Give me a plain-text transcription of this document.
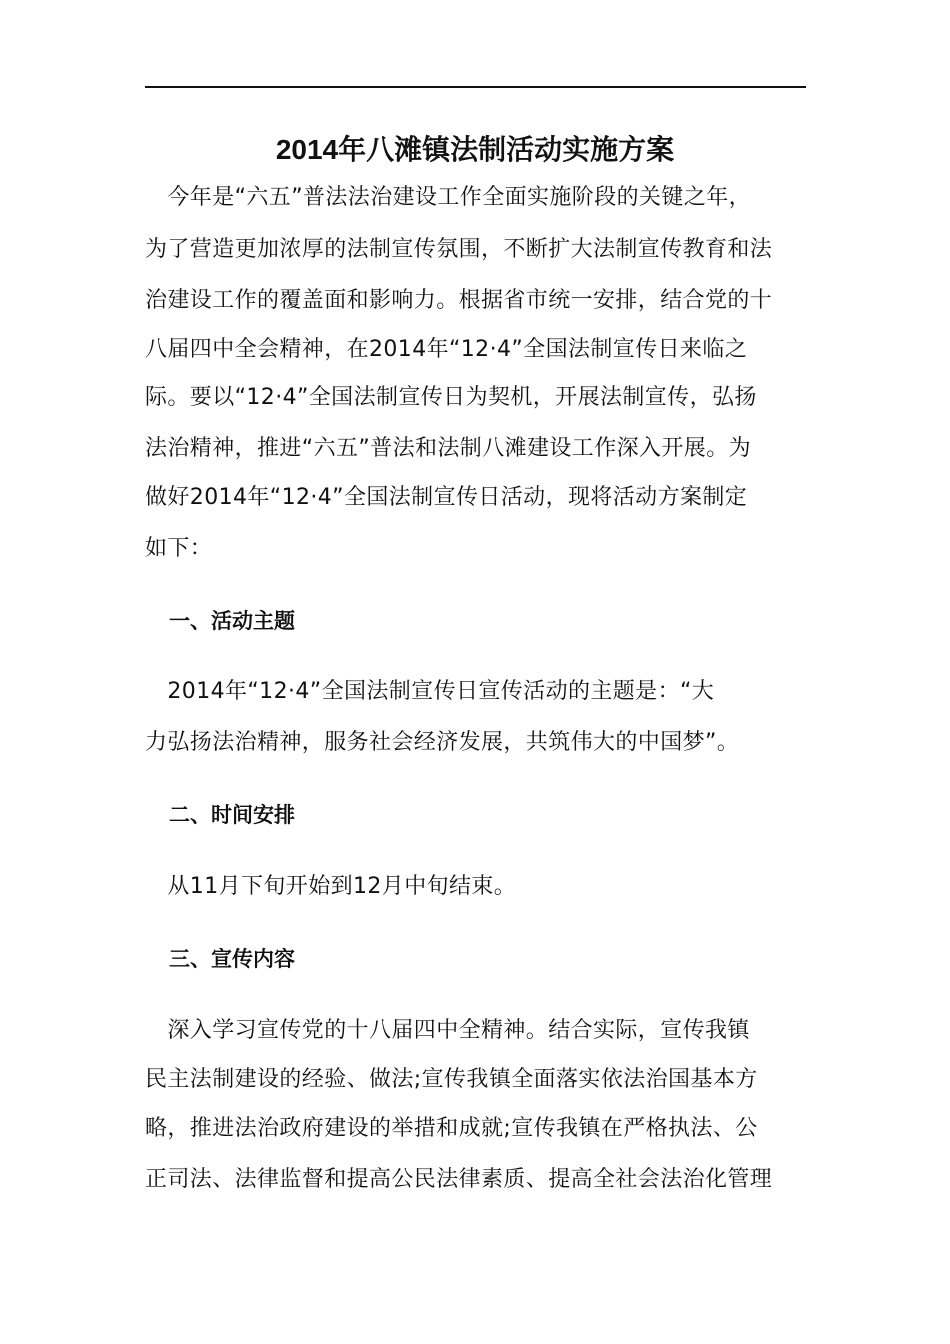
2014年八滩镇法制活动实施方案
　今年是“六五”普法法治建设工作全面实施阶段的关键之年，
为了营造更加浓厚的法制宣传氛围，不断扩大法制宣传教育和法
治建设工作的覆盖面和影响力。根据省市统一安排，结合党的十
八届四中全会精神，在2014年“12·4”全国法制宣传日来临之
际。要以“12·4”全国法制宣传日为契机，开展法制宣传，弘扬
法治精神，推进“六五”普法和法制八滩建设工作深入开展。为
做好2014年“12·4”全国法制宣传日活动，现将活动方案制定
如下：
一、活动主题
　2014年“12·4”全国法制宣传日宣传活动的主题是：“大
力弘扬法治精神，服务社会经济发展，共筑伟大的中国梦”。
二、时间安排
　从11月下旬开始到12月中旬结束。
三、宣传内容
　深入学习宣传党的十八届四中全精神。结合实际，宣传我镇
民主法制建设的经验、做法;宣传我镇全面落实依法治国基本方
略，推进法治政府建设的举措和成就;宣传我镇在严格执法、公
正司法、法律监督和提高公民法律素质、提高全社会法治化管理
